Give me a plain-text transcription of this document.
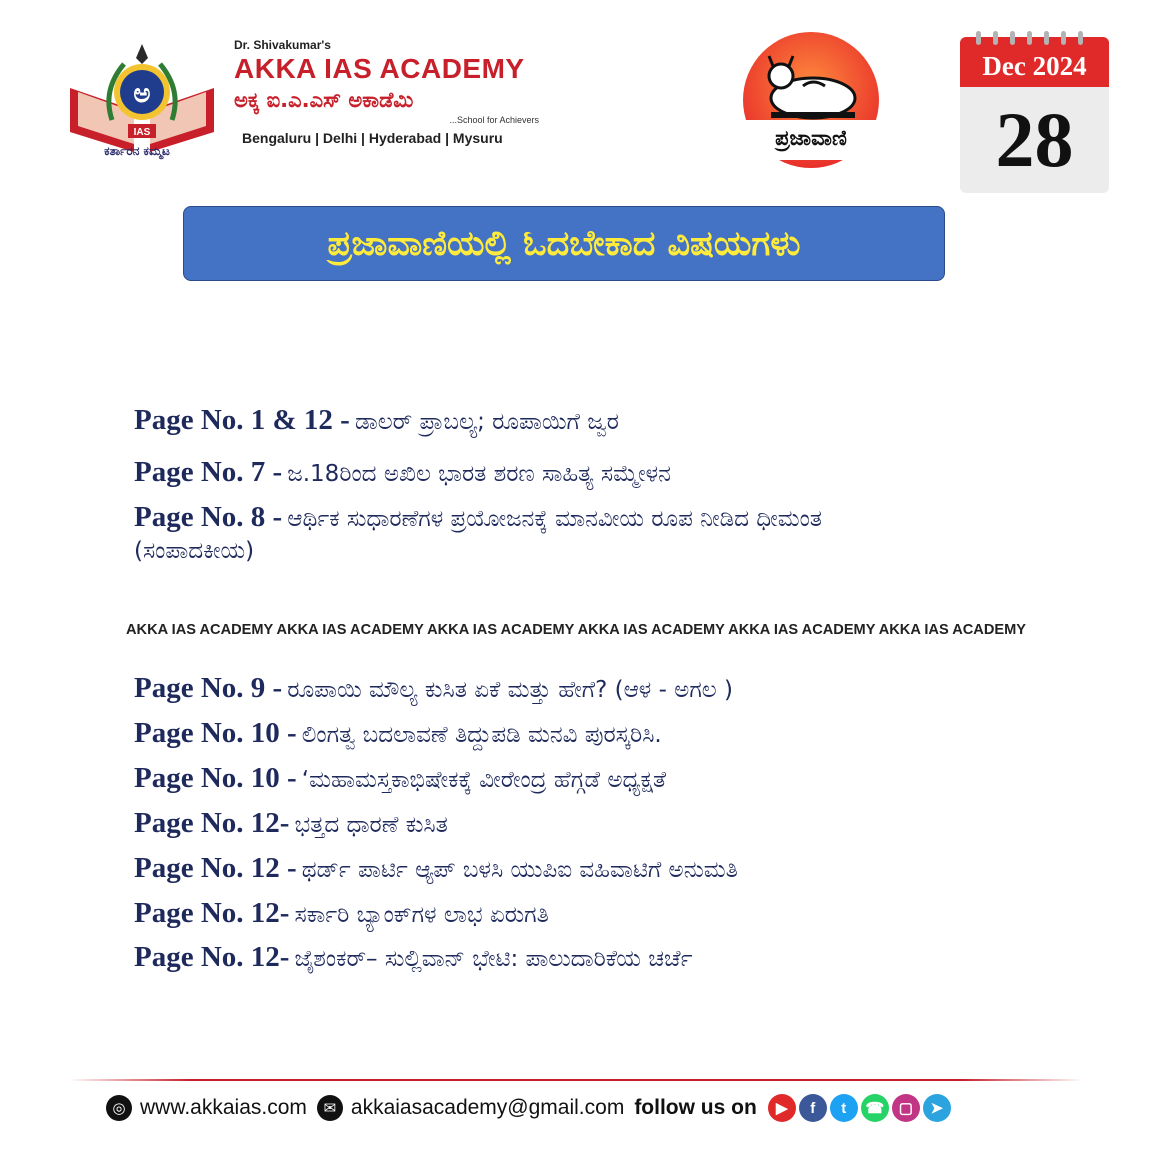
ಅ
IAS
ಕರ್ತಾರನ ಕಮ್ಮಟ
Dr. Shivakumar's
AKKA IAS ACADEMY
ಅಕ್ಕ ಐ.ಎ.ಎಸ್ ಅಕಾಡೆಮಿ
...School for Achievers
Bengaluru | Delhi | Hyderabad | Mysuru	ಪ್ರಜಾವಾಣಿ
Dec 2024
28
ಪ್ರಜಾವಾಣಿಯಲ್ಲಿ ಓದಬೇಕಾದ ವಿಷಯಗಳು
Page No. 1 & 12 - ಡಾಲರ್ ಪ್ರಾಬಲ್ಯ; ರೂಪಾಯಿಗೆ ಜ್ವರ
Page No. 7 - ಜ.18ರಿಂದ ಅಖಿಲ ಭಾರತ ಶರಣ ಸಾಹಿತ್ಯ ಸಮ್ಮೇಳನ
Page No. 8 - ಆರ್ಥಿಕ ಸುಧಾರಣೆಗಳ ಪ್ರಯೋಜನಕ್ಕೆ ಮಾನವೀಯ ರೂಪ ನೀಡಿದ ಧೀಮಂತ
(ಸಂಪಾದಕೀಯ)
AKKA IAS ACADEMY AKKA IAS ACADEMY AKKA IAS ACADEMY AKKA IAS ACADEMY AKKA IAS ACADEMY AKKA IAS ACADEMY
Page No. 9 - ರೂಪಾಯಿ ಮೌಲ್ಯ ಕುಸಿತ ಏಕೆ ಮತ್ತು ಹೇಗೆ? (ಆಳ - ಅಗಲ )
Page No. 10 - ಲಿಂಗತ್ವ ಬದಲಾವಣೆ ತಿದ್ದುಪಡಿ ಮನವಿ ಪುರಸ್ಕರಿಸಿ.
Page No. 10 - ‘ಮಹಾಮಸ್ತಕಾಭಿಷೇಕಕ್ಕೆ ವೀರೇಂದ್ರ ಹೆಗ್ಗಡೆ ಅಧ್ಯಕ್ಷತೆ
Page No. 12- ಭತ್ತದ ಧಾರಣೆ ಕುಸಿತ
Page No. 12 - ಥರ್ಡ್ ಪಾರ್ಟಿ ಆ್ಯಪ್ ಬಳಸಿ ಯುಪಿಐ ವಹಿವಾಟಿಗೆ ಅನುಮತಿ
Page No. 12- ಸರ್ಕಾರಿ ಬ್ಯಾಂಕ್‌ಗಳ ಲಾಭ ಏರುಗತಿ
Page No. 12- ಜೈಶಂಕರ್– ಸುಲ್ಲಿವಾನ್ ಭೇಟಿ: ಪಾಲುದಾರಿಕೆಯ ಚರ್ಚೆ
◎ www.akkaias.com	✉ akkaiasacademy@gmail.com follow us on	▶	f	t	☎ ▢	➤
